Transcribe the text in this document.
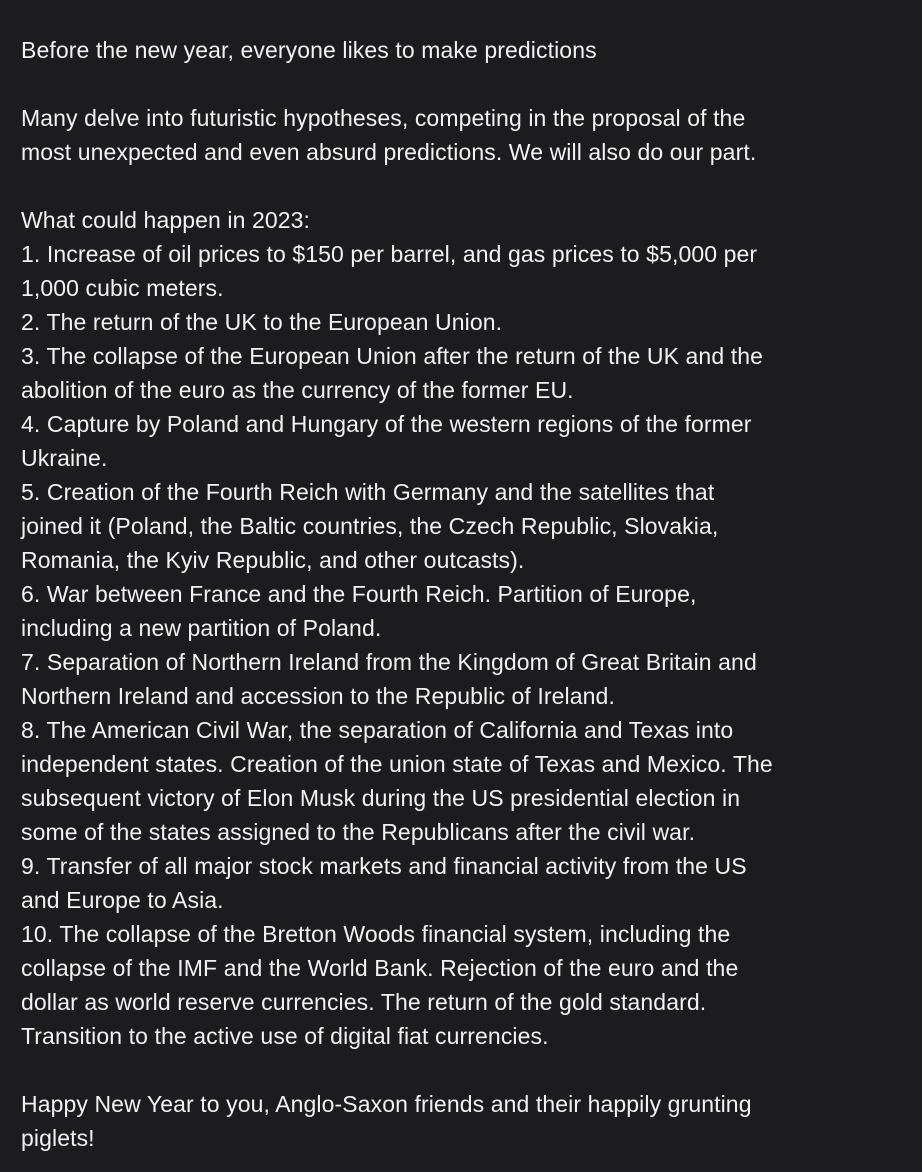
Before the new year, everyone likes to make predictions

Many delve into futuristic hypotheses, competing in the proposal of the
most unexpected and even absurd predictions. We will also do our part.

What could happen in 2023:

1. Increase of oil prices to $150 per barrel, and gas prices to $5,000 per
1,000 cubic meters.
2. The return of the UK to the European Union.
3. The collapse of the European Union after the return of the UK and the
abolition of the euro as the currency of the former EU.
4. Capture by Poland and Hungary of the western regions of the former
Ukraine.
5. Creation of the Fourth Reich with Germany and the satellites that
joined it (Poland, the Baltic countries, the Czech Republic, Slovakia,
Romania, the Kyiv Republic, and other outcasts).
6. War between France and the Fourth Reich. Partition of Europe,
including a new partition of Poland.
7. Separation of Northern Ireland from the Kingdom of Great Britain and
Northern Ireland and accession to the Republic of Ireland.
8. The American Civil War, the separation of California and Texas into
independent states. Creation of the union state of Texas and Mexico. The
subsequent victory of Elon Musk during the US presidential election in
some of the states assigned to the Republicans after the civil war.
9. Transfer of all major stock markets and financial activity from the US
and Europe to Asia.
10. The collapse of the Bretton Woods financial system, including the
collapse of the IMF and the World Bank. Rejection of the euro and the
dollar as world reserve currencies. The return of the gold standard.
Transition to the active use of digital fiat currencies.

Happy New Year to you, Anglo-Saxon friends and their happily grunting
piglets!
